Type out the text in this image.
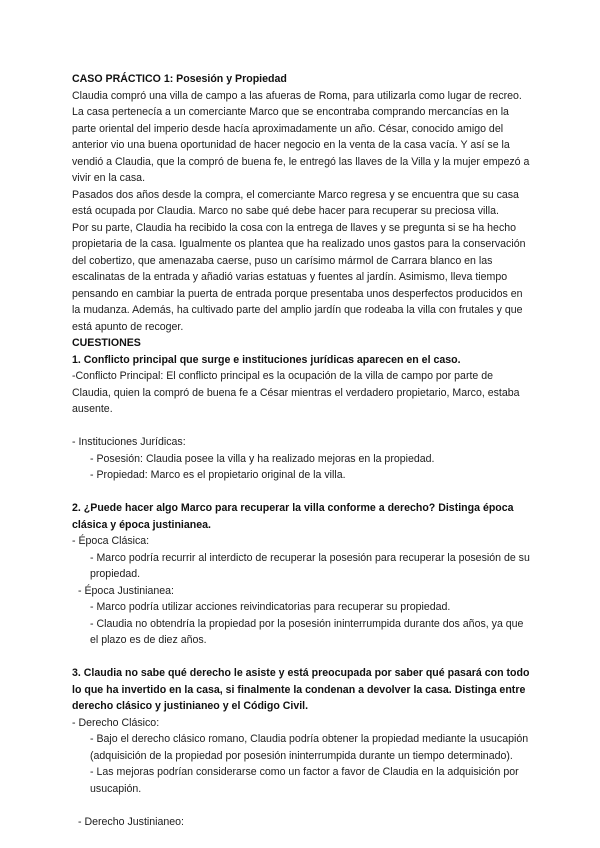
CASO PRÁCTICO 1: Posesión y Propiedad

Claudia compró una villa de campo a las afueras de Roma, para utilizarla como lugar de recreo. La casa pertenecía a un comerciante Marco que se encontraba comprando mercancías en la parte oriental del imperio desde hacía aproximadamente un año. César, conocido amigo del anterior vio una buena oportunidad de hacer negocio en la venta de la casa vacía. Y así se la vendió a Claudia, que la compró de buena fe, le entregó las llaves de la Villa y la mujer empezó a vivir en la casa.

Pasados dos años desde la compra, el comerciante Marco regresa y se encuentra que su casa está ocupada por Claudia. Marco no sabe qué debe hacer para recuperar su preciosa villa.

Por su parte, Claudia ha recibido la cosa con la entrega de llaves y se pregunta si se ha hecho propietaria de la casa. Igualmente os plantea que ha realizado unos gastos para la conservación del cobertizo, que amenazaba caerse, puso un carísimo mármol de Carrara blanco en las escalinatas de la entrada y añadió varias estatuas y fuentes al jardín. Asimismo, lleva tiempo pensando en cambiar la puerta de entrada porque presentaba unos desperfectos producidos en la mudanza. Además, ha cultivado parte del amplio jardín que rodeaba la villa con frutales y que está apunto de recoger.

CUESTIONES

1. Conflicto principal que surge e instituciones jurídicas aparecen en el caso.

-Conflicto Principal: El conflicto principal es la ocupación de la villa de campo por parte de Claudia, quien la compró de buena fe a César mientras el verdadero propietario, Marco, estaba ausente.

- Instituciones Jurídicas:

- Posesión: Claudia posee la villa y ha realizado mejoras en la propiedad.

- Propiedad: Marco es el propietario original de la villa.

2. ¿Puede hacer algo Marco para recuperar la villa conforme a derecho? Distinga época clásica y época justinianea.

- Época Clásica:

- Marco podría recurrir al interdicto de recuperar la posesión para recuperar la posesión de su propiedad.

- Época Justinianea:

- Marco podría utilizar acciones reivindicatorias para recuperar su propiedad.

- Claudia no obtendría la propiedad por la posesión ininterrumpida durante dos años, ya que el plazo es de diez años.

3. Claudia no sabe qué derecho le asiste y está preocupada por saber qué pasará con todo lo que ha invertido en la casa, si finalmente la condenan a devolver la casa. Distinga entre derecho clásico y justinianeo y el Código Civil.

- Derecho Clásico:

- Bajo el derecho clásico romano, Claudia podría obtener la propiedad mediante la usucapión (adquisición de la propiedad por posesión ininterrumpida durante un tiempo determinado).

- Las mejoras podrían considerarse como un factor a favor de Claudia en la adquisición por usucapión.

- Derecho Justinianeo:
